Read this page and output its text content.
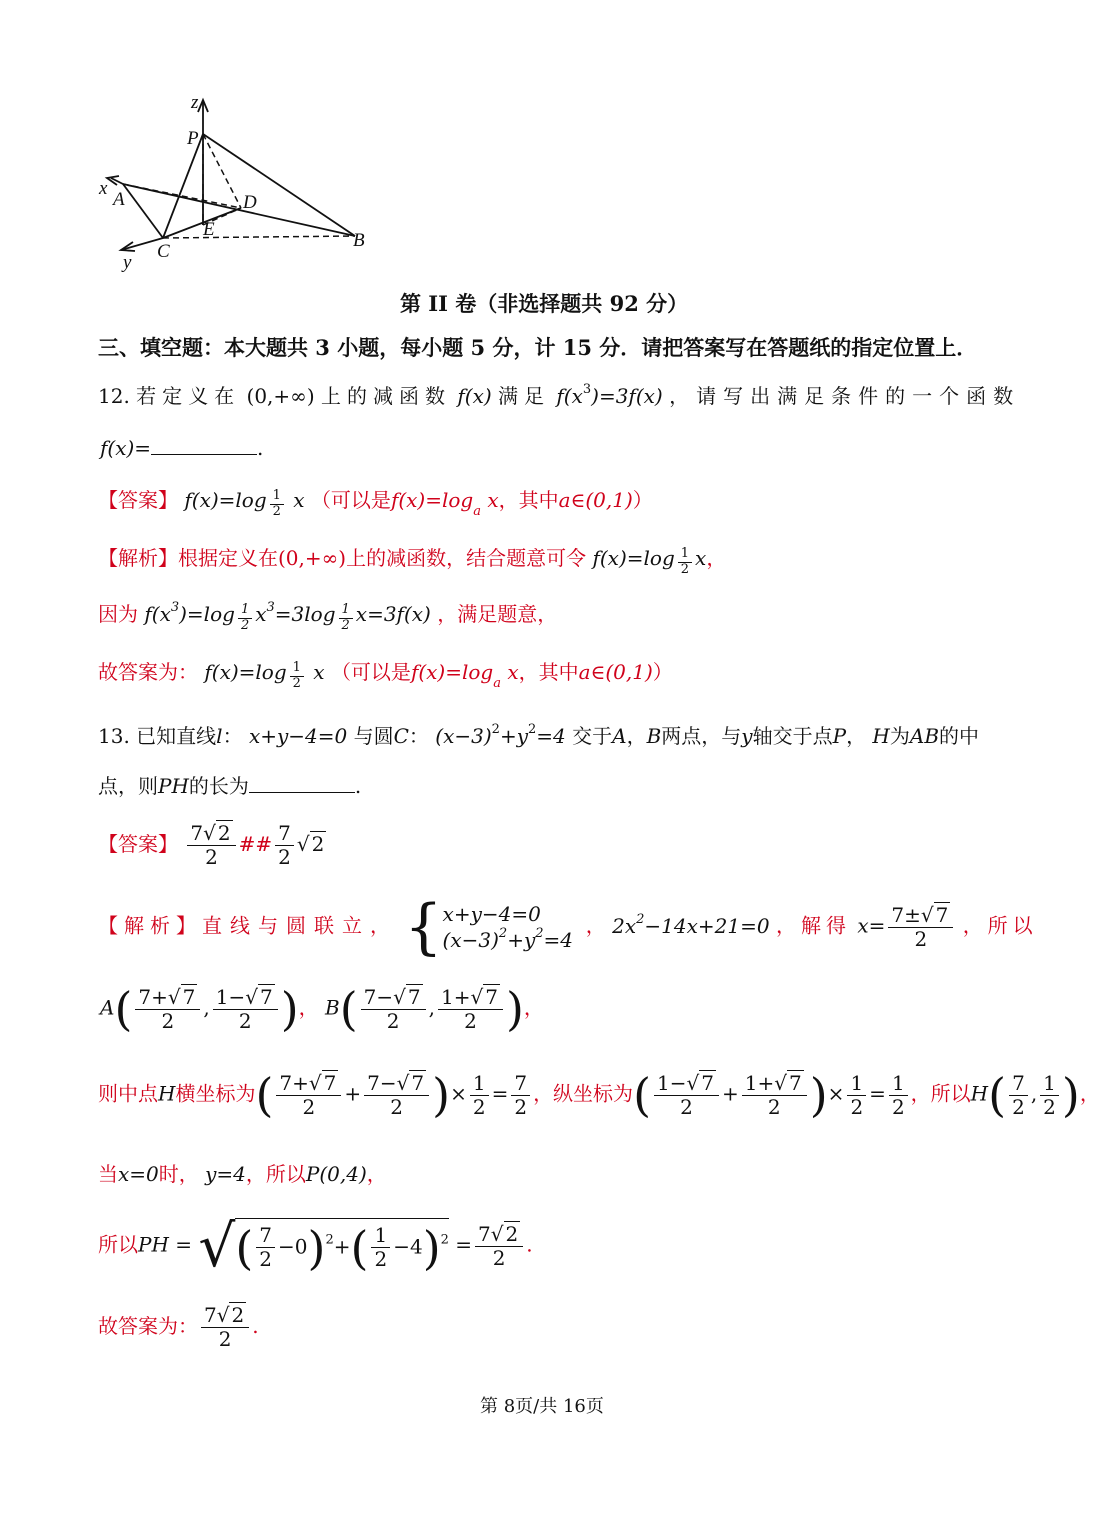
z
P
x
A	D
E
C
B
y
第 II 卷（非选择题共 92 分）
三、填空题：本大题共 3 小题，每小题 5 分，计 15 分．请把答案写在答题纸的指定位置上．
12. 若定义在 (0,+∞) 上的减函数 f(x) 满足 $f(x^3)=3f(x)$ ，请写出满足条件的一个函数
f(x)=	.
【答案】 $f(x)=\log \frac{1}{2}$ x （可以是$f(x)=\log_a$ x，其中a∈(0,1)）
【解析】根据定义在(0,+∞)上的减函数，结合题意可令 $f(x)=\log \frac{1}{2}$ x，
因为 $f(x^3)=\log \frac{1}{2} x^3=3\log \frac{1}{2} x=3f(x)$ ，满足题意，
故答案为： $f(x)=\log \frac{1}{2}$ x （可以是$f(x)=\log_a$ x，其中a∈(0,1)）
13. 已知直线l： x+y−4=0 与圆C： $(x-3)^2+y^2=4$ 交于A，B两点，与y轴交于点P， H为AB的中
点，则PH的长为	.
【答案】 $\frac{7√ 2}{2}$ ## $\frac{7}{2}$ √ 2
【解析】直线与圆联立， { x+y−4=0
$(x-3)^2+y^2=4$
， $2x^2-14x+21=0$ ，解得 $x= \frac{7\pm√ 7}{2}$ ，所以
$A( \frac{7+√ 7}{2}$ , $\frac{1-√ 7}{2}$ )， $B( \frac{7-√ 7}{2}$ , $\frac{1+√ 7}{2}$ )，
则中点H横坐标为( $\frac{7+√ 7}{2} + \frac{7-√ 7}{2}$ )× $\frac{1}{2} = \frac{7}{2}$ ，纵坐标为( $\frac{1-√ 7}{2} + \frac{1+√ 7}{2}$ )× $\frac{1}{2} = \frac{1}{2}$ ，所以$H( \frac{7}{2}$ , $\frac{1}{2}$ )，
当x=0时， y=4，所以P(0,4)，
所以PH = √( $\frac{7}{2} -0)^2+( \frac{1}{2} -4)^2 = \frac{7√ 2}{2}$ .
故答案为： $\frac{7√ 2}{2}$ .
第 8页/共 16页
